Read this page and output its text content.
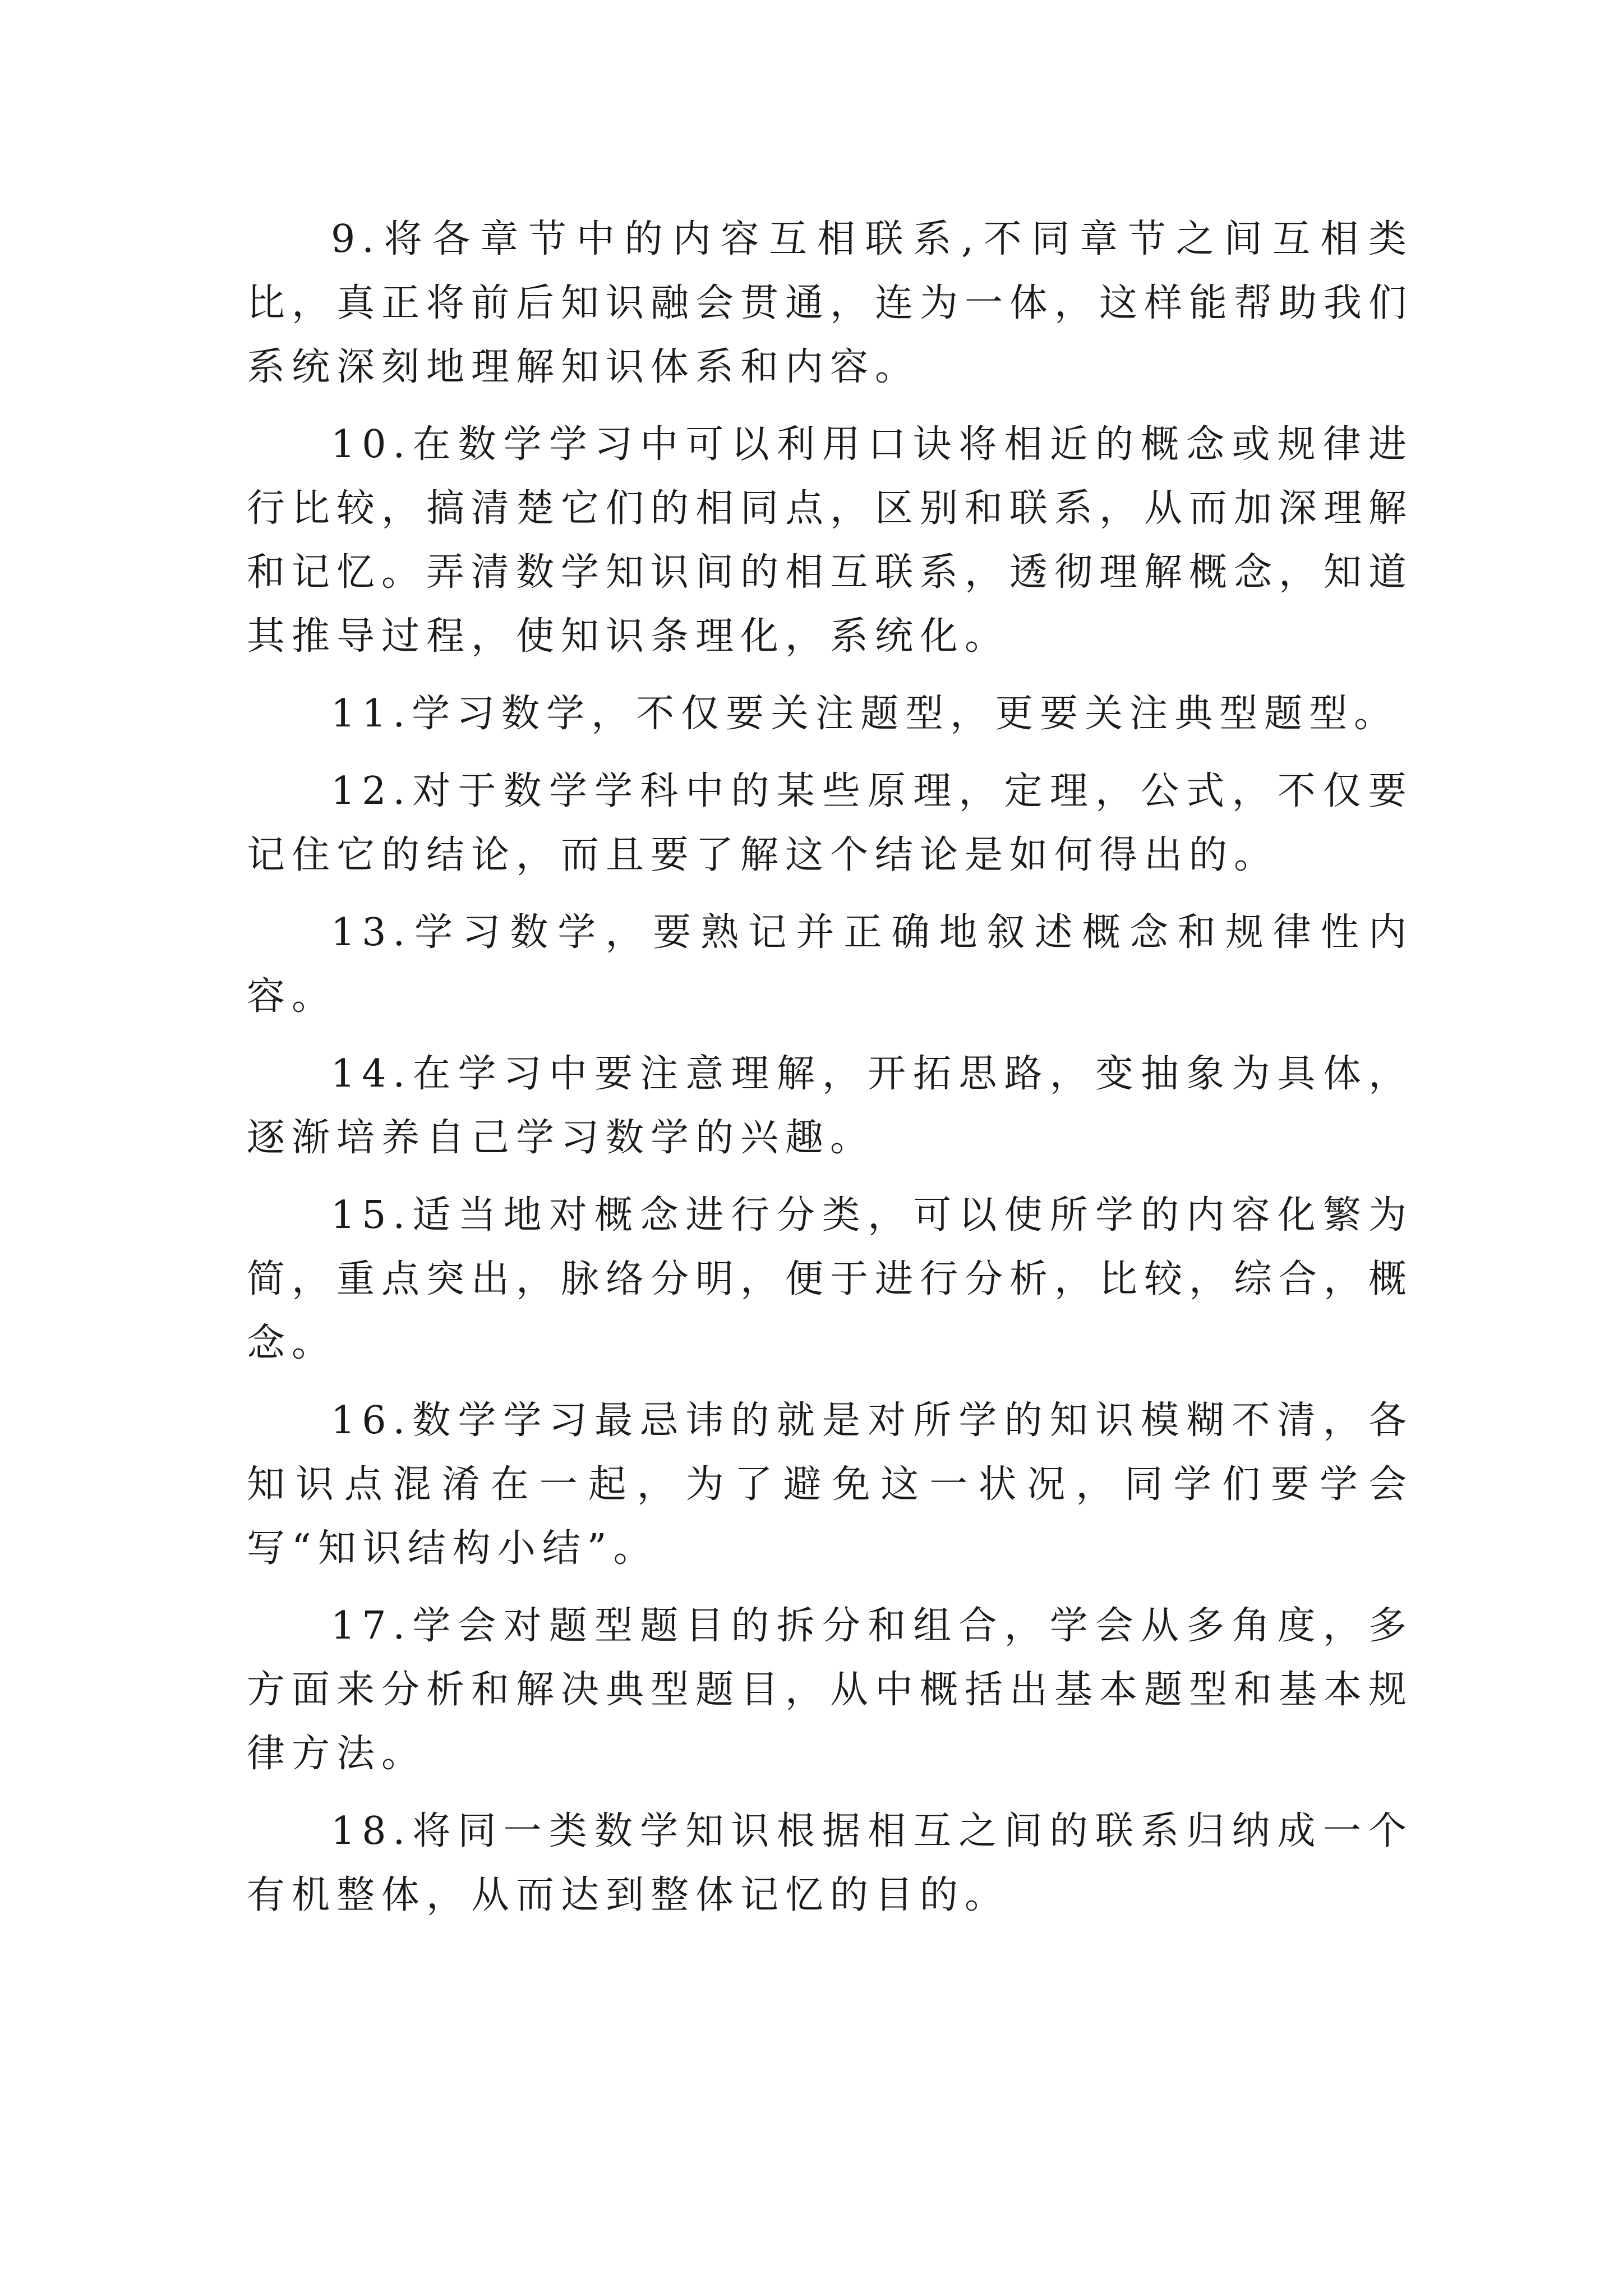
9.将各章节中的内容互相联系,不同章节之间互相类比，真正将前后知识融会贯通，连为一体，这样能帮助我们系统深刻地理解知识体系和内容。

10.在数学学习中可以利用口诀将相近的概念或规律进行比较，搞清楚它们的相同点，区别和联系，从而加深理解和记忆。弄清数学知识间的相互联系，透彻理解概念，知道其推导过程，使知识条理化，系统化。

11.学习数学，不仅要关注题型，更要关注典型题型。

12.对于数学学科中的某些原理，定理，公式，不仅要记住它的结论，而且要了解这个结论是如何得出的。

13.学习数学，要熟记并正确地叙述概念和规律性内容。

14.在学习中要注意理解，开拓思路，变抽象为具体，逐渐培养自己学习数学的兴趣。

15.适当地对概念进行分类，可以使所学的内容化繁为简，重点突出，脉络分明，便于进行分析，比较，综合，概念。

16.数学学习最忌讳的就是对所学的知识模糊不清，各知识点混淆在一起，为了避免这一状况，同学们要学会写“知识结构小结”。

17.学会对题型题目的拆分和组合，学会从多角度，多方面来分析和解决典型题目，从中概括出基本题型和基本规律方法。

18.将同一类数学知识根据相互之间的联系归纳成一个有机整体，从而达到整体记忆的目的。
